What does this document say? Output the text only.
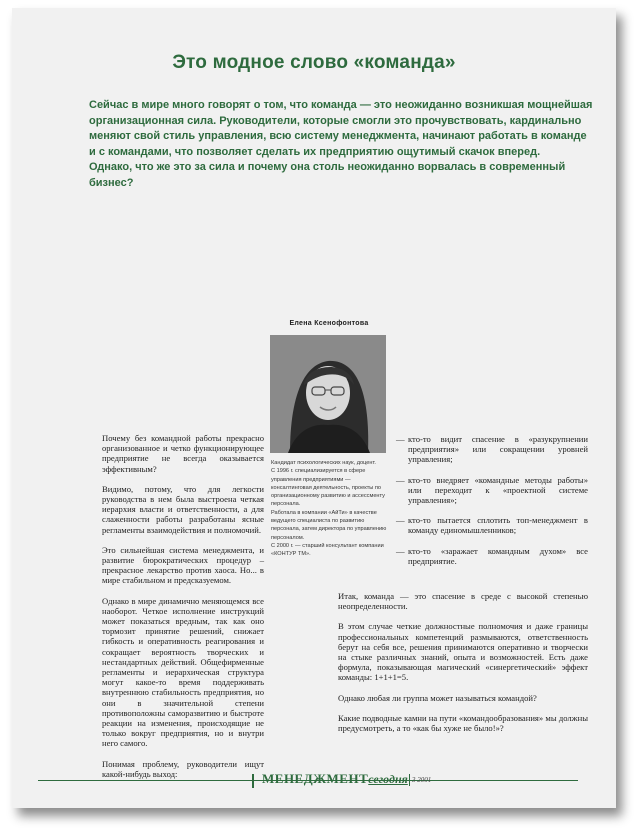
Это модное слово «команда»

Сейчас в мире много говорят о том, что команда — это неожиданно возникшая мощнейшая организационная сила. Руководители, которые смогли это прочувствовать, кардинально меняют свой стиль управления, всю систему менеджмента, начинают работать в команде и с командами, что позволяет сделать их предприятию ощутимый скачок вперед.

Однако, что же это за сила и почему она столь неожиданно ворвалась в современный бизнес?

Елена Ксенофонтова

Кандидат психологических наук, доцент.

С 1996 г. специализируется в сфере управления предприятиями — консалтинговая деятельность, проекты по организационному развитию и ассессменту персонала.

Работала в компании «АйТи» в качестве ведущего специалиста по развитию персонала, затем директора по управлению персоналом.

С 2000 г. — старший консультант компании «КОНТУР ТМ».

Почему без командной работы прекрасно организованное и четко функционирующее предприятие не всегда оказывается эффективным?

Видимо, потому, что для легкости руководства в нем была выстроена четкая иерархия власти и ответственности, а для слаженности работы разработаны ясные регламенты взаимодействия и полномочий.

Это сильнейшая система менеджмента, и развитие бюрократических процедур – прекрасное лекарство против хаоса. Но... в мире стабильном и предсказуемом.

Однако в мире динамично меняющемся все наоборот. Четкое исполнение инструкций может показаться вредным, так как оно тормозит принятие решений, снижает гибкость и оперативность реагирования и сокращает вероятность творческих и нестандартных действий. Общефирменные регламенты и иерархическая структура могут какое-то время поддерживать внутреннюю стабильность предприятия, но они в значительной степени противоположны саморазвитию и быстроте реакции на изменения, происходящие не только вокруг предприятия, но и внутри него самого.

Понимая проблему, руководители ищут какой-нибудь выход:

— кто-то видит спасение в «разукрупнении предприятия» или сокращении уровней управления;
— кто-то внедряет «командные методы работы» или переходит к «проектной системе управления»;
— кто-то пытается сплотить топ-менеджмент в команду единомышленников;
— кто-то «заражает командным духом» все предприятие.

Итак, команда — это спасение в среде с высокой степенью неопределенности.

В этом случае четкие должностные полномочия и даже границы профессиональных компетенций размываются, ответственность берут на себя все, решения принимаются оперативно и творчески на стыке различных знаний, опыта и возможностей. Есть даже формула, показывающая магический «синергетический» эффект команды: 1+1+1=5.

Однако любая ли группа может называться командой?

Какие подводные камни на пути «командообразования» мы должны предусмотреть, а то «как бы хуже не было!»?

МЕНЕДЖМЕНТсегодня 3 2001
